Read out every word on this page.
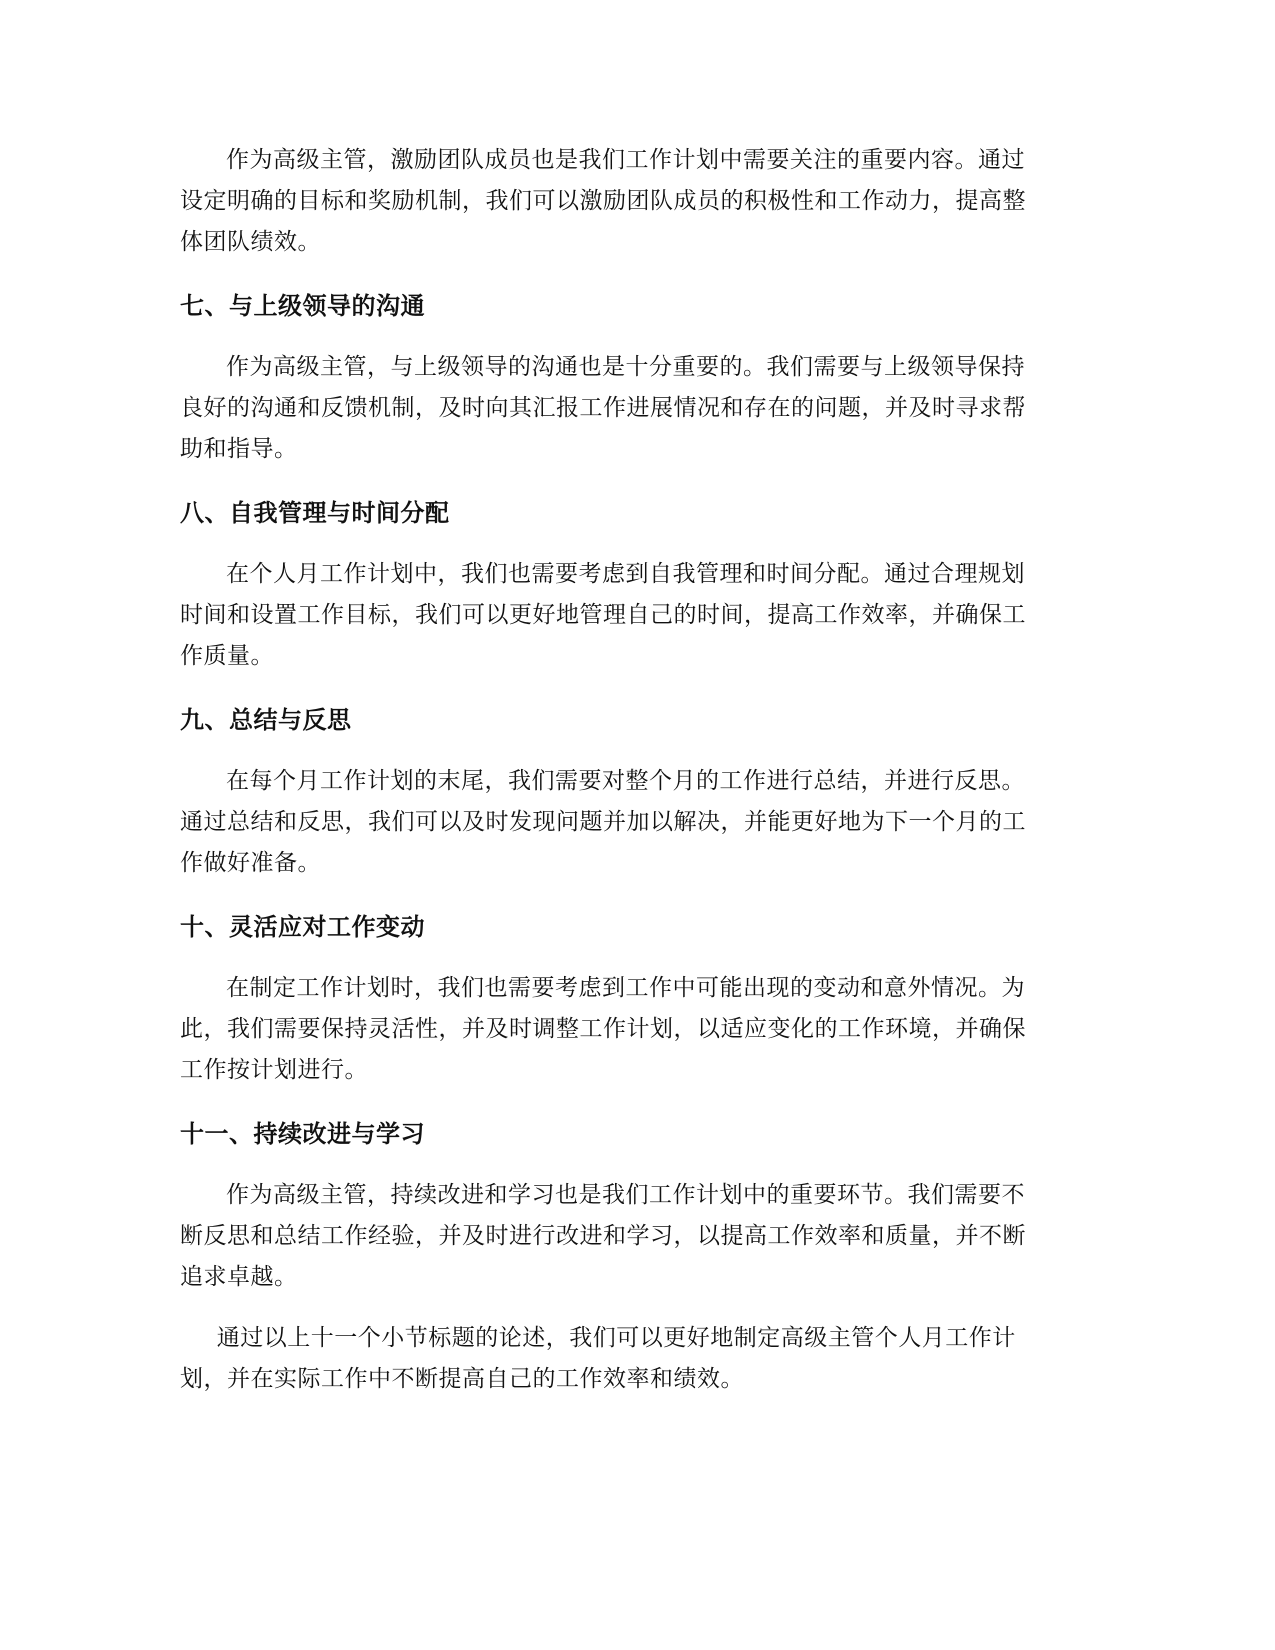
作为高级主管，激励团队成员也是我们工作计划中需要关注的重要内容。通过设定明确的目标和奖励机制，我们可以激励团队成员的积极性和工作动力，提高整体团队绩效。

七、与上级领导的沟通

作为高级主管，与上级领导的沟通也是十分重要的。我们需要与上级领导保持良好的沟通和反馈机制，及时向其汇报工作进展情况和存在的问题，并及时寻求帮助和指导。

八、自我管理与时间分配

在个人月工作计划中，我们也需要考虑到自我管理和时间分配。通过合理规划时间和设置工作目标，我们可以更好地管理自己的时间，提高工作效率，并确保工作质量。

九、总结与反思

在每个月工作计划的末尾，我们需要对整个月的工作进行总结，并进行反思。通过总结和反思，我们可以及时发现问题并加以解决，并能更好地为下一个月的工作做好准备。

十、灵活应对工作变动

在制定工作计划时，我们也需要考虑到工作中可能出现的变动和意外情况。为此，我们需要保持灵活性，并及时调整工作计划，以适应变化的工作环境，并确保工作按计划进行。

十一、持续改进与学习

作为高级主管，持续改进和学习也是我们工作计划中的重要环节。我们需要不断反思和总结工作经验，并及时进行改进和学习，以提高工作效率和质量，并不断追求卓越。

通过以上十一个小节标题的论述，我们可以更好地制定高级主管个人月工作计划，并在实际工作中不断提高自己的工作效率和绩效。
